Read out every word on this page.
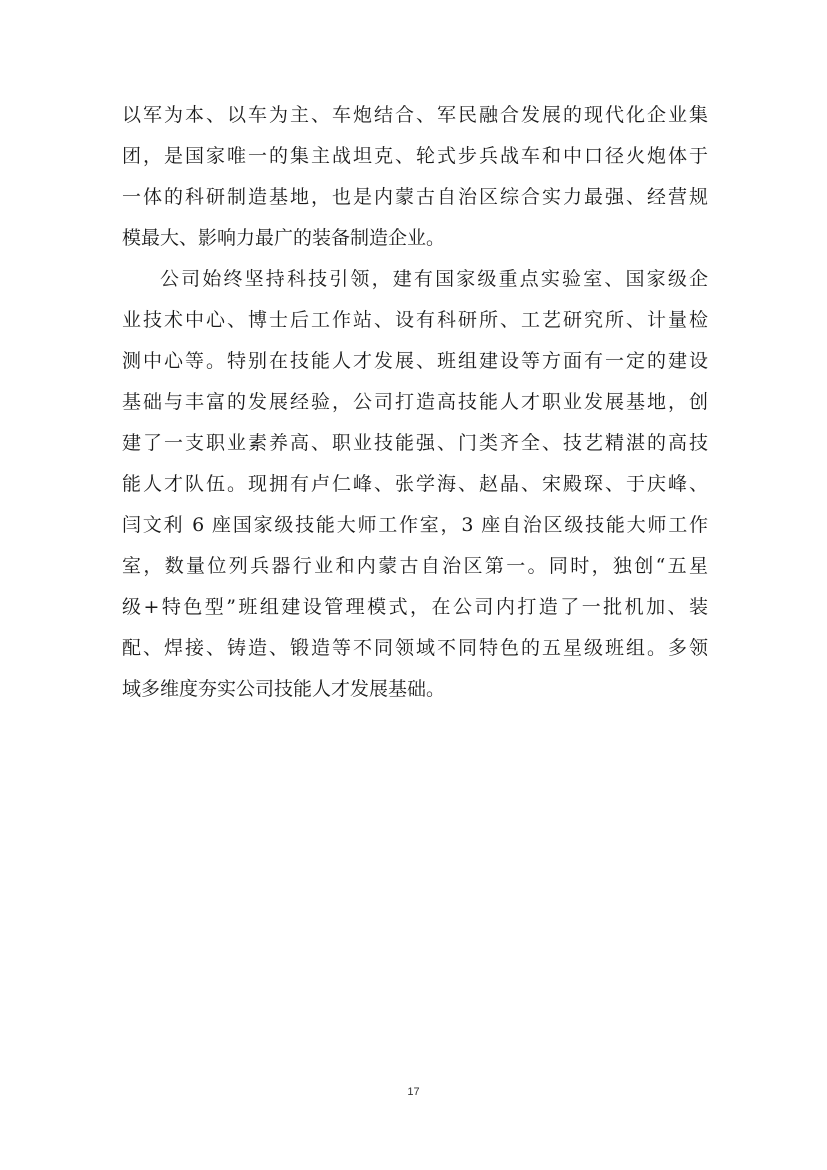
以军为本、以车为主、车炮结合、军民融合发展的现代化企业集
团，是国家唯一的集主战坦克、轮式步兵战车和中口径火炮体于
一体的科研制造基地，也是内蒙古自治区综合实力最强、经营规
模最大、影响力最广的装备制造企业。
公司始终坚持科技引领，建有国家级重点实验室、国家级企
业技术中心、博士后工作站、设有科研所、工艺研究所、计量检
测中心等。特别在技能人才发展、班组建设等方面有一定的建设
基础与丰富的发展经验，公司打造高技能人才职业发展基地，创
建了一支职业素养高、职业技能强、门类齐全、技艺精湛的高技
能人才队伍。现拥有卢仁峰、张学海、赵晶、宋殿琛、于庆峰、
闫文利 6 座国家级技能大师工作室，3 座自治区级技能大师工作
室，数量位列兵器行业和内蒙古自治区第一。同时，独创“五星
级+特色型”班组建设管理模式，在公司内打造了一批机加、装
配、焊接、铸造、锻造等不同领域不同特色的五星级班组。多领
域多维度夯实公司技能人才发展基础。
17
